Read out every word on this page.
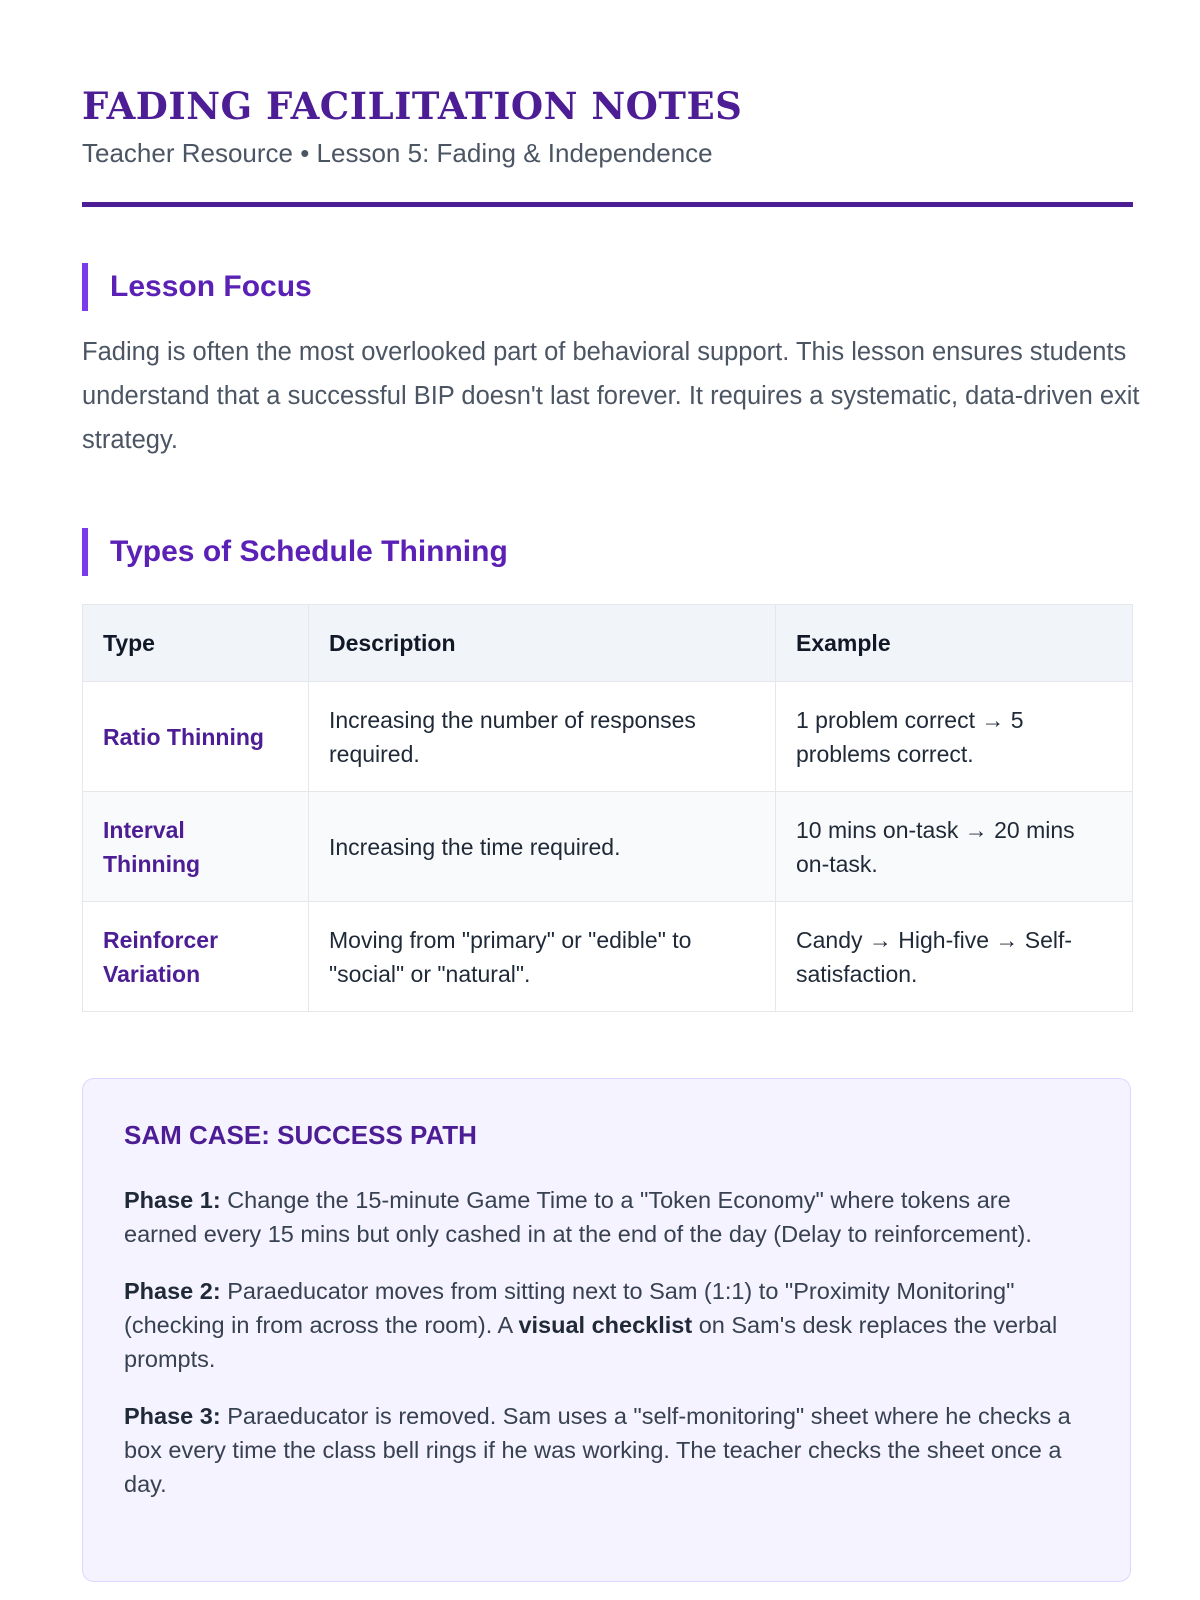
FADING FACILITATION NOTES
Teacher Resource • Lesson 5: Fading & Independence
Lesson Focus

Fading is often the most overlooked part of behavioral support. This lesson ensures students understand that a successful BIP doesn't last forever. It requires a systematic, data-driven exit strategy.

Types of Schedule Thinning
Type	Description	Example
Ratio Thinning	Increasing the number of responses required.	1 problem correct → 5 problems correct.
Interval Thinning	Increasing the time required.	10 mins on-task → 20 mins on-task.
Reinforcer Variation	Moving from "primary" or "edible" to "social" or "natural".	Candy → High-five → Self-satisfaction.
SAM CASE: SUCCESS PATH

Phase 1: Change the 15-minute Game Time to a "Token Economy" where tokens are earned every 15 mins but only cashed in at the end of the day (Delay to reinforcement).

Phase 2: Paraeducator moves from sitting next to Sam (1:1) to "Proximity Monitoring" (checking in from across the room). A visual checklist on Sam's desk replaces the verbal prompts.

Phase 3: Paraeducator is removed. Sam uses a "self-monitoring" sheet where he checks a box every time the class bell rings if he was working. The teacher checks the sheet once a day.
